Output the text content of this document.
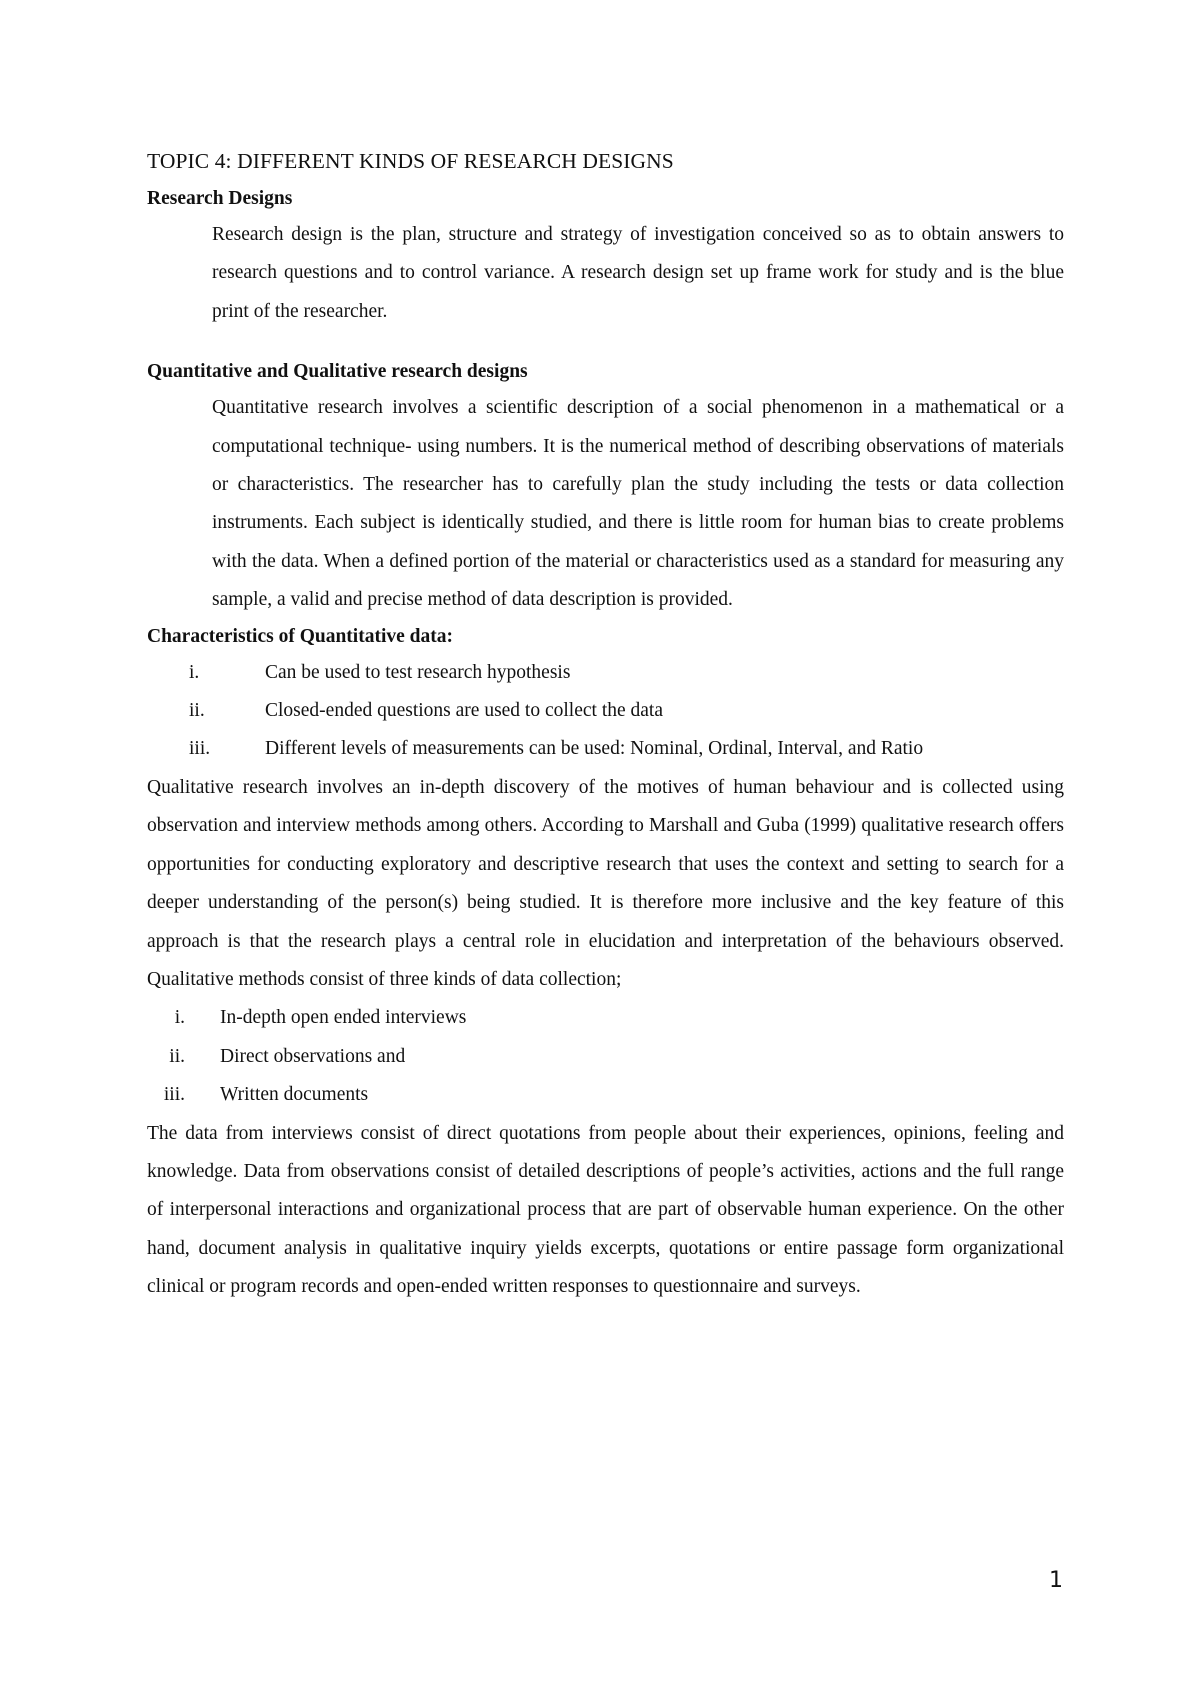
TOPIC 4: DIFFERENT KINDS OF RESEARCH DESIGNS

Research Designs

Research design is the plan, structure and strategy of investigation conceived so as to obtain answers to research questions and to control variance. A research design set up frame work for study and is the blue print of the researcher.

Quantitative and Qualitative research designs

Quantitative research involves a scientific description of a social phenomenon in a mathematical or a computational technique- using numbers. It is the numerical method of describing observations of materials or characteristics. The researcher has to carefully plan the study including the tests or data collection instruments. Each subject is identically studied, and there is little room for human bias to create problems with the data. When a defined portion of the material or characteristics used as a standard for measuring any sample, a valid and precise method of data description is provided.

Characteristics of Quantitative data:

i.	Can be used to test research hypothesis
ii.	Closed-ended questions are used to collect the data
iii.	Different levels of measurements can be used: Nominal, Ordinal, Interval, and Ratio

Qualitative research involves an in-depth discovery of the motives of human behaviour and is collected using observation and interview methods among others. According to Marshall and Guba (1999) qualitative research offers opportunities for conducting exploratory and descriptive research that uses the context and setting to search for a deeper understanding of the person(s) being studied. It is therefore more inclusive and the key feature of this approach is that the research plays a central role in elucidation and interpretation of the behaviours observed. Qualitative methods consist of three kinds of data collection;

i. In-depth open ended interviews
ii. Direct observations and
iii. Written documents

The data from interviews consist of direct quotations from people about their experiences, opinions, feeling and knowledge. Data from observations consist of detailed descriptions of people’s activities, actions and the full range of interpersonal interactions and organizational process that are part of observable human experience. On the other hand, document analysis in qualitative inquiry yields excerpts, quotations or entire passage form organizational clinical or program records and open-ended written responses to questionnaire and surveys.

1
